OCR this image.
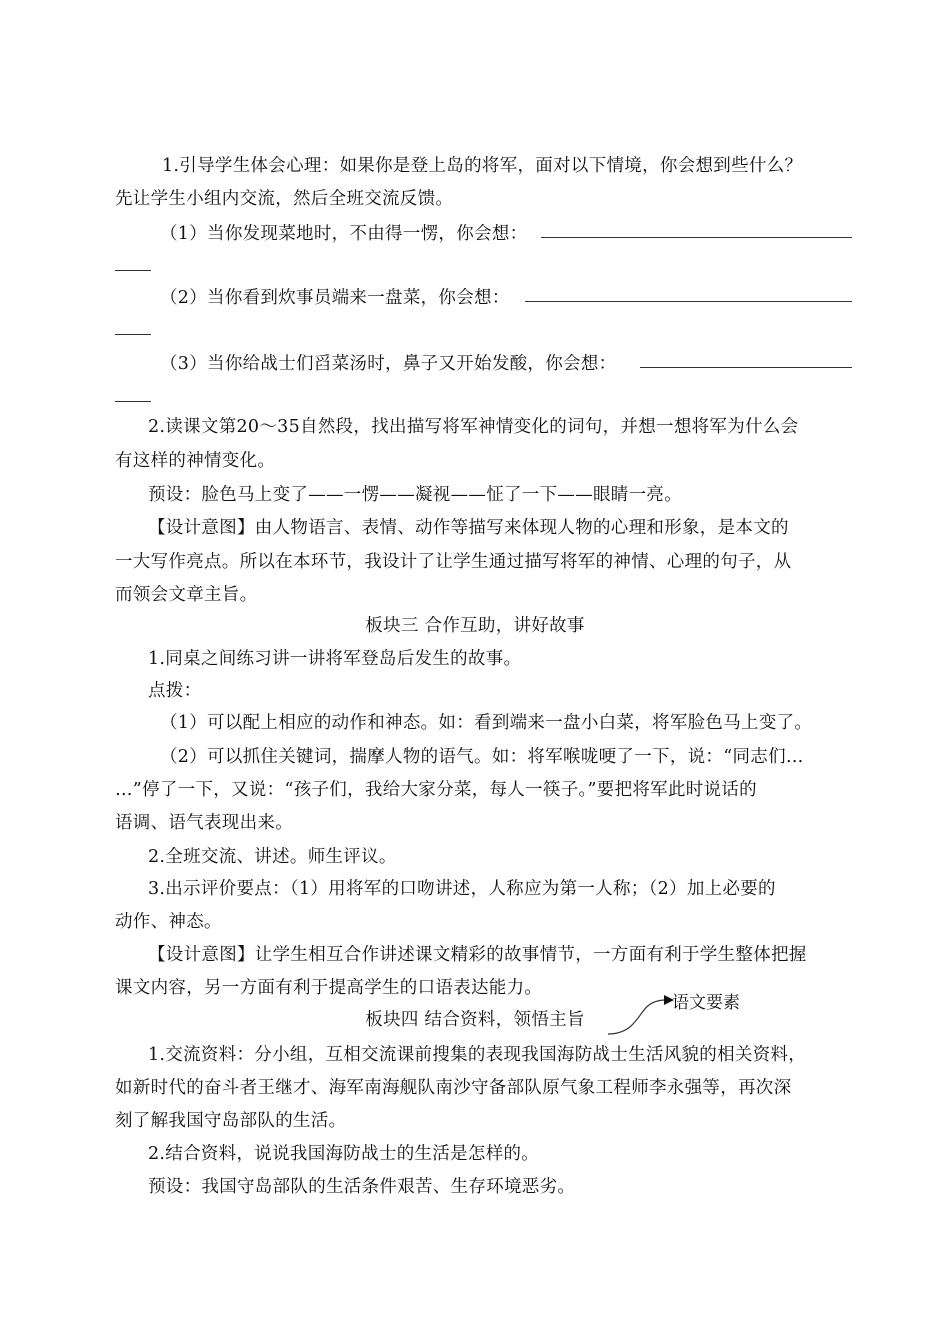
1.引导学生体会心理：如果你是登上岛的将军，面对以下情境，你会想到些什么？
先让学生小组内交流，然后全班交流反馈。
（1）当你发现菜地时，不由得一愣，你会想：
（2）当你看到炊事员端来一盘菜，你会想：
（3）当你给战士们舀菜汤时，鼻子又开始发酸，你会想：
2.读课文第20～35自然段，找出描写将军神情变化的词句，并想一想将军为什么会
有这样的神情变化。
预设：脸色马上变了——一愣——凝视——怔了一下——眼睛一亮。
【设计意图】由人物语言、表情、动作等描写来体现人物的心理和形象，是本文的
一大写作亮点。所以在本环节，我设计了让学生通过描写将军的神情、心理的句子，从
而领会文章主旨。
板块三 合作互助，讲好故事
1.同桌之间练习讲一讲将军登岛后发生的故事。
点拨：
（1）可以配上相应的动作和神态。如：看到端来一盘小白菜，将军脸色马上变了。
（2）可以抓住关键词，揣摩人物的语气。如：将军喉咙哽了一下，说：“同志们…
…”停了一下，又说：“孩子们，我给大家分菜，每人一筷子。”要把将军此时说话的
语调、语气表现出来。
2.全班交流、讲述。师生评议。
3.出示评价要点：（1）用将军的口吻讲述，人称应为第一人称；（2）加上必要的
动作、神态。
【设计意图】让学生相互合作讲述课文精彩的故事情节，一方面有利于学生整体把握
课文内容，另一方面有利于提高学生的口语表达能力。
语文要素
板块四 结合资料，领悟主旨
1.交流资料：分小组，互相交流课前搜集的表现我国海防战士生活风貌的相关资料，
如新时代的奋斗者王继才、海军南海舰队南沙守备部队原气象工程师李永强等，再次深
刻了解我国守岛部队的生活。
2.结合资料，说说我国海防战士的生活是怎样的。
预设：我国守岛部队的生活条件艰苦、生存环境恶劣。
